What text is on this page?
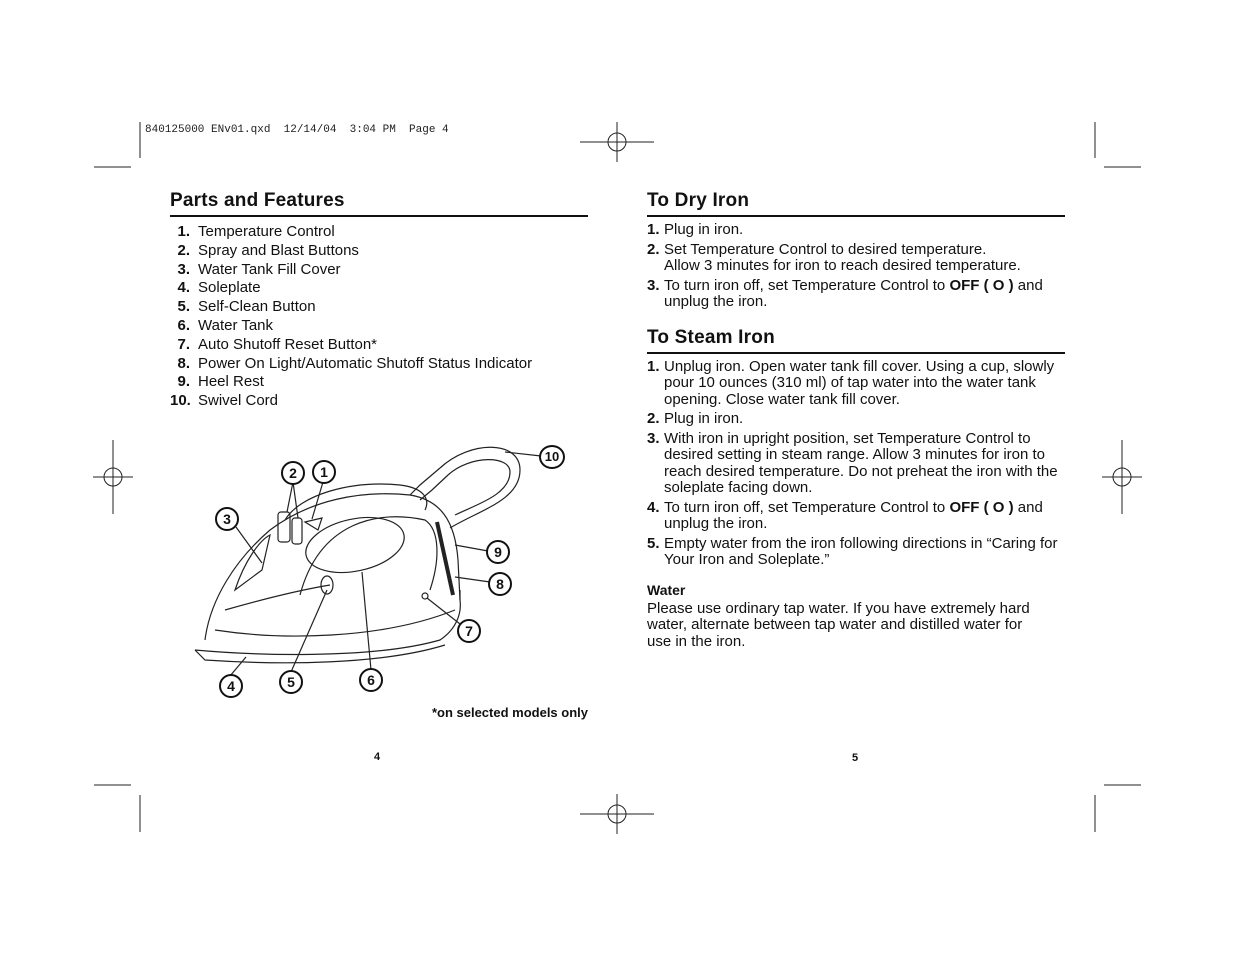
840125000 ENv01.qxd  12/14/04  3:04 PM  Page 4
Parts and Features
1. Temperature Control
2. Spray and Blast Buttons
3. Water Tank Fill Cover
4. Soleplate
5. Self-Clean Button
6. Water Tank
7. Auto Shutoff Reset Button*
8. Power On Light/Automatic Shutoff Status Indicator
9. Heel Rest
10. Swivel Cord
2	1
3
10
9
8
7
4	5	6
*on selected models only
4
To Dry Iron
1. Plug in iron.
2. Set Temperature Control to desired temperature.
Allow 3 minutes for iron to reach desired temperature.
3. To turn iron off, set Temperature Control to OFF ( O ) and unplug the iron.
To Steam Iron
1. Unplug iron. Open water tank fill cover. Using a cup, slowly pour 10 ounces (310 ml) of tap water into the water tank opening. Close water tank fill cover.
2. Plug in iron.
3. With iron in upright position, set Temperature Control to desired setting in steam range. Allow 3 minutes for iron to reach desired temperature. Do not preheat the iron with the soleplate facing down.
4. To turn iron off, set Temperature Control to OFF ( O ) and unplug the iron.
5. Empty water from the iron following directions in “Caring for Your Iron and Soleplate.”
Water
Please use ordinary tap water. If you have extremely hard water, alternate between tap water and distilled water for use in the iron.
5
